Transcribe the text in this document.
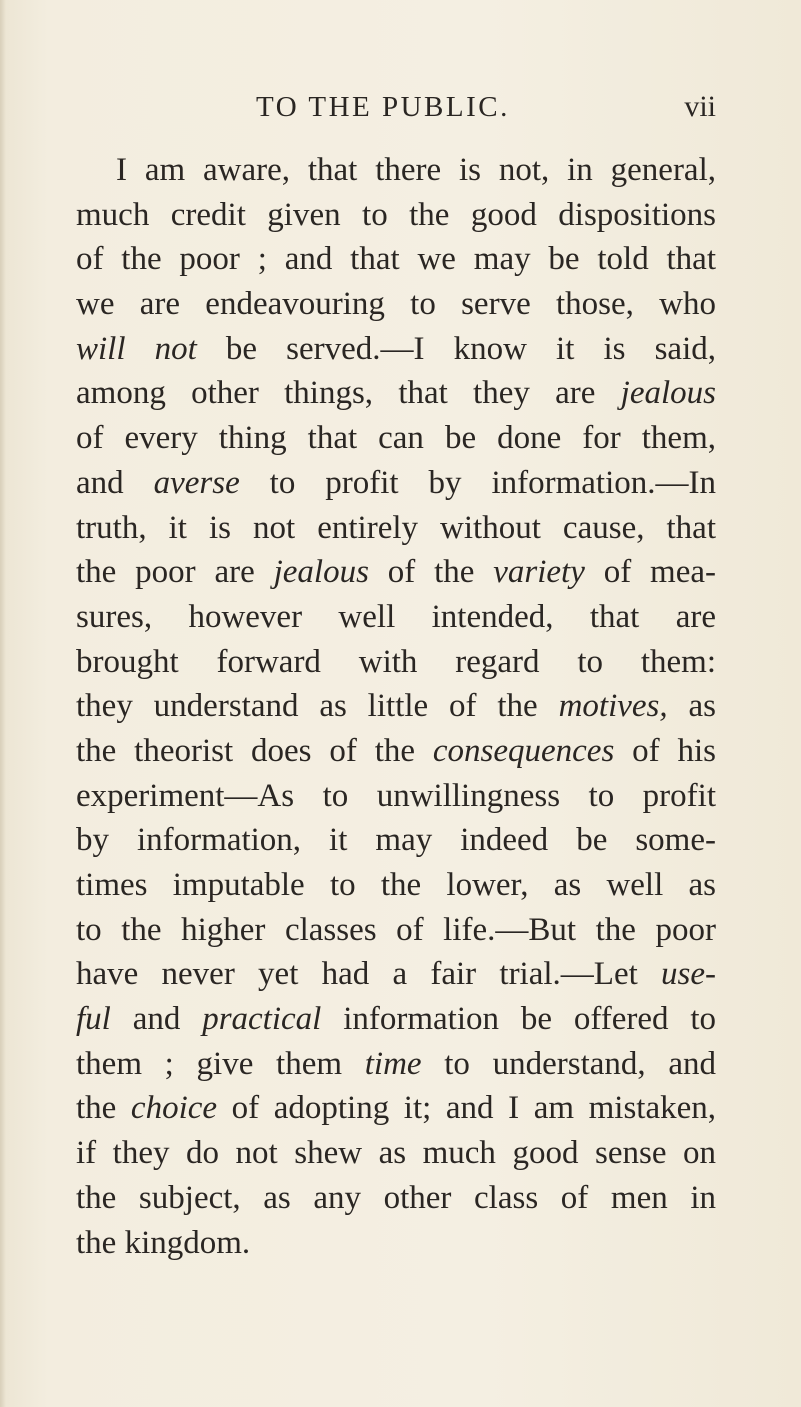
TO THE PUBLIC.	vii
I am aware, that there is not, in general,
much credit given to the good dispositions
of the poor ; and that we may be told that
we are endeavouring to serve those, who
will not be served.—I know it is said,
among other things, that they are jealous
of every thing that can be done for them,
and averse to profit by information.—In
truth, it is not entirely without cause, that
the poor are jealous of the variety of mea-
sures, however well intended, that are
brought forward with regard to them:
they understand as little of the motives, as
the theorist does of the consequences of his
experiment—As to unwillingness to profit
by information, it may indeed be some-
times imputable to the lower, as well as
to the higher classes of life.—But the poor
have never yet had a fair trial.—Let use-
ful and practical information be offered to
them ; give them time to understand, and
the choice of adopting it; and I am mistaken,
if they do not shew as much good sense on
the subject, as any other class of men in
the kingdom.
